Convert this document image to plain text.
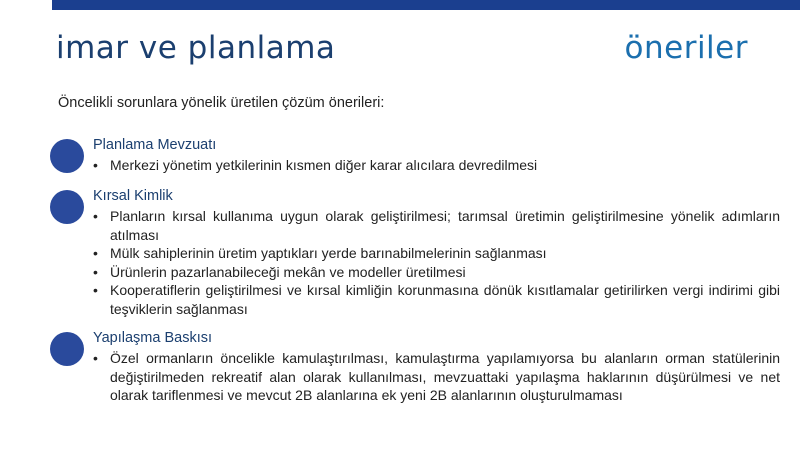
imar ve planlama	öneriler
Öncelikli sorunlara yönelik üretilen çözüm önerileri:
Planlama Mevzuatı
• Merkezi yönetim yetkilerinin kısmen diğer karar alıcılara devredilmesi
Kırsal Kimlik
• Planların kırsal kullanıma uygun olarak geliştirilmesi; tarımsal üretimin geliştirilmesine yönelik adımların atılması
• Mülk sahiplerinin üretim yaptıkları yerde barınabilmelerinin sağlanması
• Ürünlerin pazarlanabileceği mekân ve modeller üretilmesi
• Kooperatiflerin geliştirilmesi ve kırsal kimliğin korunmasına dönük kısıtlamalar getirilirken vergi indirimi gibi teşviklerin sağlanması
Yapılaşma Baskısı
• Özel ormanların öncelikle kamulaştırılması, kamulaştırma yapılamıyorsa bu alanların orman statülerinin değiştirilmeden rekreatif alan olarak kullanılması, mevzuattaki yapılaşma haklarının düşürülmesi ve net olarak tariflenmesi ve mevcut 2B alanlarına ek yeni 2B alanlarının oluşturulmaması
